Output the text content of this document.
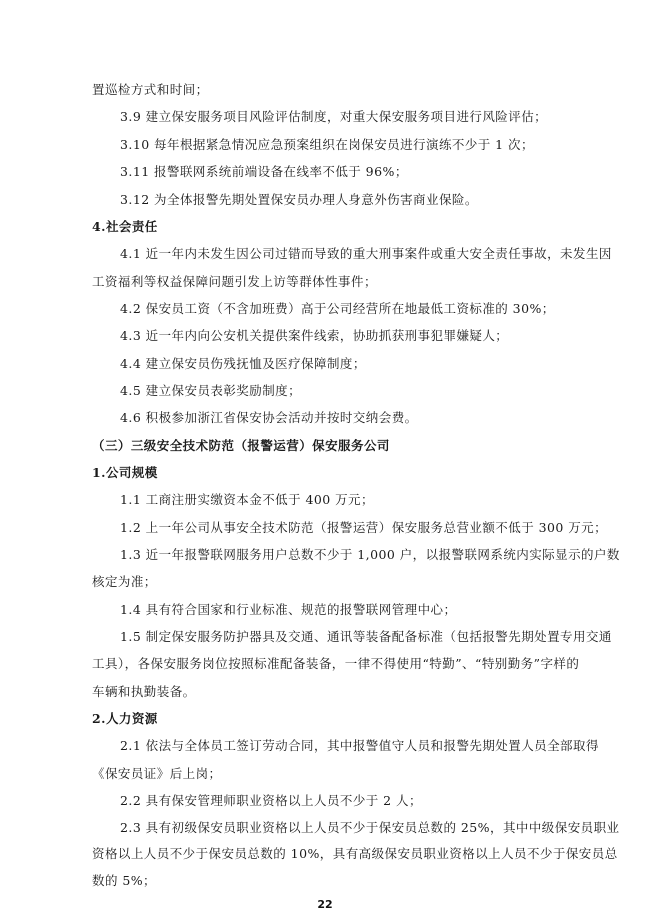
置巡检方式和时间；
3.9 建立保安服务项目风险评估制度，对重大保安服务项目进行风险评估；
3.10 每年根据紧急情况应急预案组织在岗保安员进行演练不少于 1 次；
3.11 报警联网系统前端设备在线率不低于 96%；
3.12 为全体报警先期处置保安员办理人身意外伤害商业保险。
4.社会责任
4.1 近一年内未发生因公司过错而导致的重大刑事案件或重大安全责任事故，未发生因
工资福利等权益保障问题引发上访等群体性事件；
4.2 保安员工资（不含加班费）高于公司经营所在地最低工资标准的 30%；
4.3 近一年内向公安机关提供案件线索，协助抓获刑事犯罪嫌疑人；
4.4 建立保安员伤残抚恤及医疗保障制度；
4.5 建立保安员表彰奖励制度；
4.6 积极参加浙江省保安协会活动并按时交纳会费。
（三）三级安全技术防范（报警运营）保安服务公司
1.公司规模
1.1 工商注册实缴资本金不低于 400 万元；
1.2 上一年公司从事安全技术防范（报警运营）保安服务总营业额不低于 300 万元；
1.3 近一年报警联网服务用户总数不少于 1,000 户，以报警联网系统内实际显示的户数
核定为准；
1.4 具有符合国家和行业标准、规范的报警联网管理中心；
1.5 制定保安服务防护器具及交通、通讯等装备配备标准（包括报警先期处置专用交通
工具），各保安服务岗位按照标准配备装备，一律不得使用“特勤”、“特别勤务”字样的
车辆和执勤装备。
2.人力资源
2.1 依法与全体员工签订劳动合同，其中报警值守人员和报警先期处置人员全部取得
《保安员证》后上岗；
2.2 具有保安管理师职业资格以上人员不少于 2 人；
2.3 具有初级保安员职业资格以上人员不少于保安员总数的 25%，其中中级保安员职业
22
资格以上人员不少于保安员总数的 10%，具有高级保安员职业资格以上人员不少于保安员总
数的 5%；
